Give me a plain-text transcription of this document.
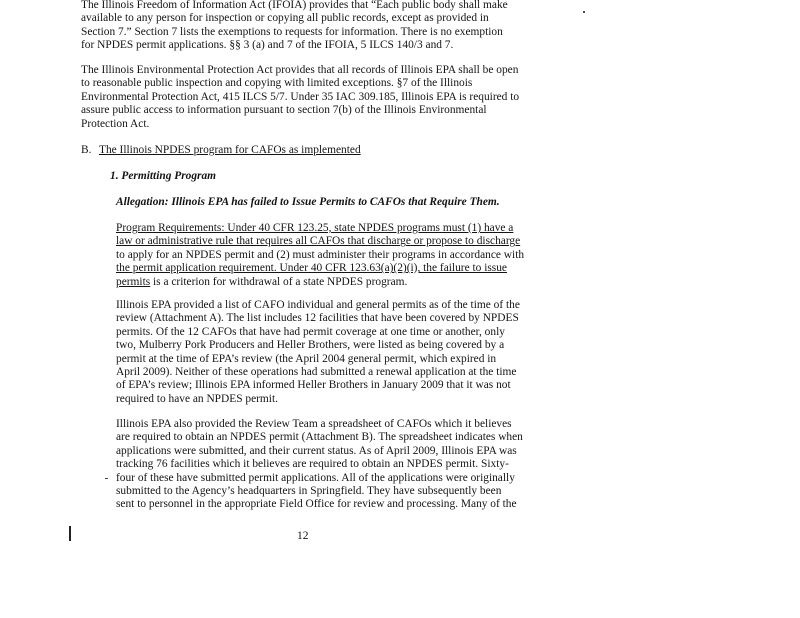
The Illinois Freedom of Information Act (IFOIA) provides that “Each public body shall make
available to any person for inspection or copying all public records, except as provided in
Section 7.” Section 7 lists the exemptions to requests for information. There is no exemption
for NPDES permit applications. §§ 3 (a) and 7 of the IFOIA, 5 ILCS 140/3 and 7.

The Illinois Environmental Protection Act provides that all records of Illinois EPA shall be open
to reasonable public inspection and copying with limited exceptions. §7 of the Illinois
Environmental Protection Act, 415 ILCS 5/7. Under 35 IAC 309.185, Illinois EPA is required to
assure public access to information pursuant to section 7(b) of the Illinois Environmental
Protection Act.

B. The Illinois NPDES program for CAFOs as implemented

1. Permitting Program

Allegation: Illinois EPA has failed to Issue Permits to CAFOs that Require Them.

Program Requirements: Under 40 CFR 123.25, state NPDES programs must (1) have a
law or administrative rule that requires all CAFOs that discharge or propose to discharge
to apply for an NPDES permit and (2) must administer their programs in accordance with
the permit application requirement. Under 40 CFR 123.63(a)(2)(i), the failure to issue
permits is a criterion for withdrawal of a state NPDES program.

Illinois EPA provided a list of CAFO individual and general permits as of the time of the
review (Attachment A). The list includes 12 facilities that have been covered by NPDES
permits. Of the 12 CAFOs that have had permit coverage at one time or another, only
two, Mulberry Pork Producers and Heller Brothers, were listed as being covered by a
permit at the time of EPA’s review (the April 2004 general permit, which expired in
April 2009). Neither of these operations had submitted a renewal application at the time
of EPA’s review; Illinois EPA informed Heller Brothers in January 2009 that it was not
required to have an NPDES permit.

Illinois EPA also provided the Review Team a spreadsheet of CAFOs which it believes
are required to obtain an NPDES permit (Attachment B). The spreadsheet indicates when
applications were submitted, and their current status. As of April 2009, Illinois EPA was
tracking 76 facilities which it believes are required to obtain an NPDES permit. Sixty-
four of these have submitted permit applications. All of the applications were originally
submitted to the Agency’s headquarters in Springfield. They have subsequently been
sent to personnel in the appropriate Field Office for review and processing. Many of the

12
